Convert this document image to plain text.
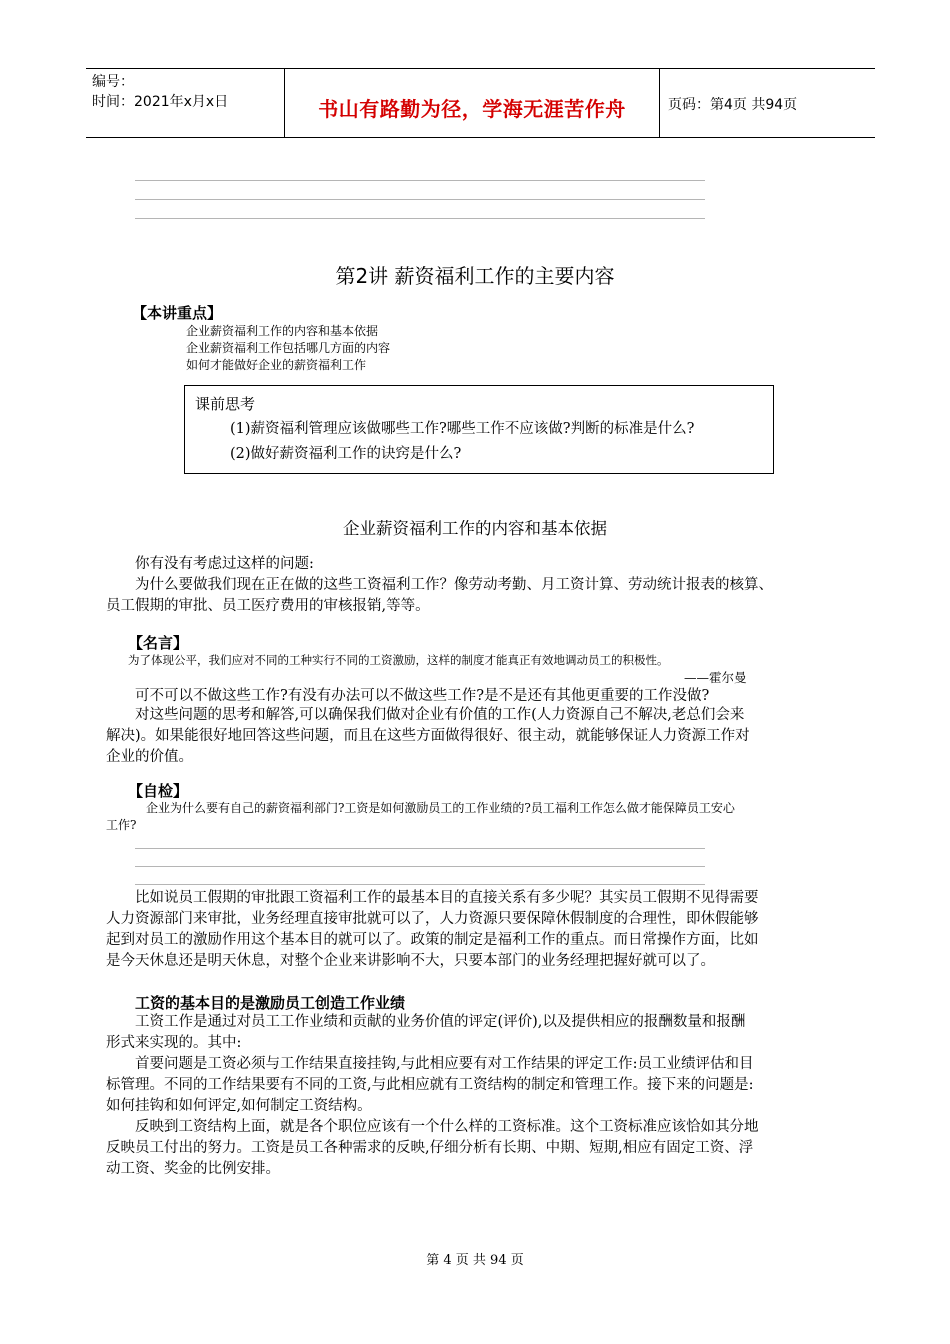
编号：
时间：2021年x月x日	书山有路勤为径，学海无涯苦作舟	页码：第4页 共94页
第2讲 薪资福利工作的主要内容
【本讲重点】
企业薪资福利工作的内容和基本依据
企业薪资福利工作包括哪几方面的内容
如何才能做好企业的薪资福利工作
课前思考
(1)薪资福利管理应该做哪些工作?哪些工作不应该做?判断的标准是什么?
(2)做好薪资福利工作的诀窍是什么?
企业薪资福利工作的内容和基本依据
你有没有考虑过这样的问题:
为什么要做我们现在正在做的这些工资福利工作？像劳动考勤、月工资计算、劳动统计报表的核算、
员工假期的审批、员工医疗费用的审核报销,等等。
【名言】
为了体现公平，我们应对不同的工种实行不同的工资激励，这样的制度才能真正有效地调动员工的积极性。
——霍尔曼
可不可以不做这些工作?有没有办法可以不做这些工作?是不是还有其他更重要的工作没做?
对这些问题的思考和解答,可以确保我们做对企业有价值的工作(人力资源自己不解决,老总们会来
解决)。如果能很好地回答这些问题，而且在这些方面做得很好、很主动，就能够保证人力资源工作对
企业的价值。
【自检】
企业为什么要有自己的薪资福利部门?工资是如何激励员工的工作业绩的?员工福利工作怎么做才能保障员工安心
工作?
比如说员工假期的审批跟工资福利工作的最基本目的直接关系有多少呢？其实员工假期不见得需要
人力资源部门来审批，业务经理直接审批就可以了，人力资源只要保障休假制度的合理性，即休假能够
起到对员工的激励作用这个基本目的就可以了。政策的制定是福利工作的重点。而日常操作方面，比如
是今天休息还是明天休息，对整个企业来讲影响不大，只要本部门的业务经理把握好就可以了。
工资的基本目的是激励员工创造工作业绩
工资工作是通过对员工工作业绩和贡献的业务价值的评定(评价),以及提供相应的报酬数量和报酬
形式来实现的。其中:
首要问题是工资必须与工作结果直接挂钩,与此相应要有对工作结果的评定工作:员工业绩评估和目
标管理。不同的工作结果要有不同的工资,与此相应就有工资结构的制定和管理工作。接下来的问题是:
如何挂钩和如何评定,如何制定工资结构。
反映到工资结构上面，就是各个职位应该有一个什么样的工资标准。这个工资标准应该恰如其分地
反映员工付出的努力。工资是员工各种需求的反映,仔细分析有长期、中期、短期,相应有固定工资、浮
动工资、奖金的比例安排。
第 4 页 共 94 页
